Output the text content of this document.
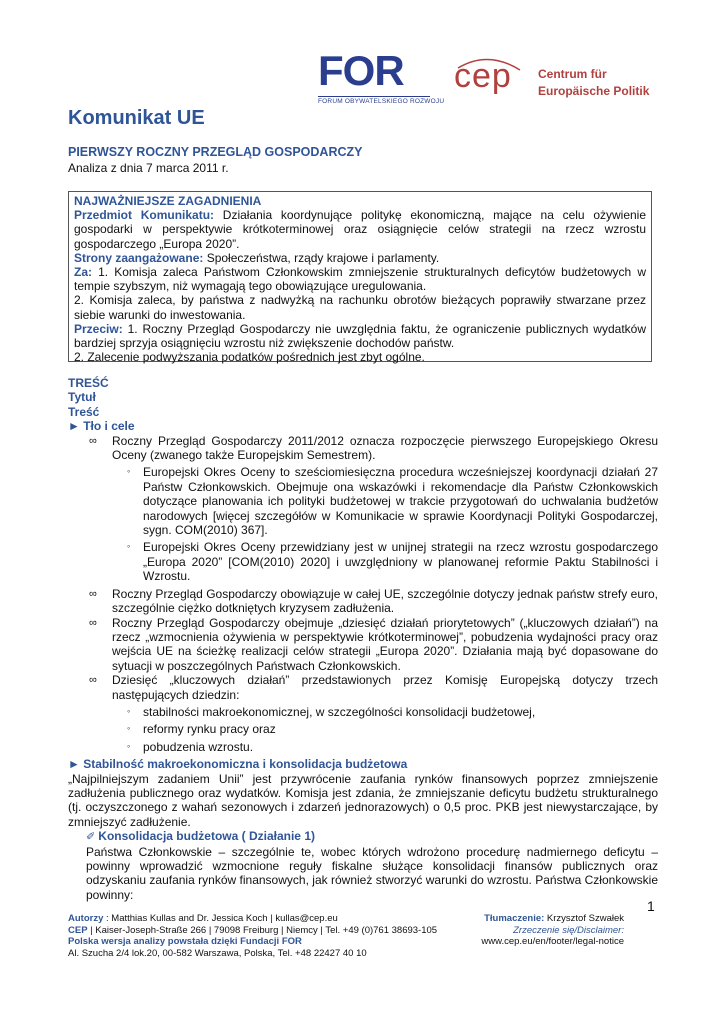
FOR
FORUM OBYWATELSKIEGO ROZWOJU
cep Centrum für
Europäische Politik
Komunikat UE
PIERWSZY ROCZNY PRZEGLĄD GOSPODARCZY
Analiza z dnia 7 marca 2011 r.

NAJWAŻNIEJSZE ZAGADNIENIA

Przedmiot Komunikatu: Działania koordynujące politykę ekonomiczną, mające na celu ożywienie gospodarki w perspektywie krótkoterminowej oraz osiągnięcie celów strategii na rzecz wzrostu gospodarczego „Europa 2020”.

Strony zaangażowane: Społeczeństwa, rządy krajowe i parlamenty.

Za: 1. Komisja zaleca Państwom Członkowskim zmniejszenie strukturalnych deficytów budżetowych w tempie szybszym, niż wymagają tego obowiązujące uregulowania.

2. Komisja zaleca, by państwa z nadwyżką na rachunku obrotów bieżących poprawiły stwarzane przez siebie warunki do inwestowania.

Przeciw: 1. Roczny Przegląd Gospodarczy nie uwzględnia faktu, że ograniczenie publicznych wydatków bardziej sprzyja osiągnięciu wzrostu niż zwiększenie dochodów państw.

2. Zalecenie podwyższania podatków pośrednich jest zbyt ogólne.

TREŚĆ

Tytuł

Treść

► Tło i cele

∞ Roczny Przegląd Gospodarczy 2011/2012 oznacza rozpoczęcie pierwszego Europejskiego Okresu Oceny (zwanego także Europejskim Semestrem).
◦ Europejski Okres Oceny to sześciomiesięczna procedura wcześniejszej koordynacji działań 27 Państw Członkowskich. Obejmuje ona wskazówki i rekomendacje dla Państw Członkowskich dotyczące planowania ich polityki budżetowej w trakcie przygotowań do uchwalania budżetów narodowych [więcej szczegółów w Komunikacie w sprawie Koordynacji Polityki Gospodarczej, sygn. COM(2010) 367].
◦ Europejski Okres Oceny przewidziany jest w unijnej strategii na rzecz wzrostu gospodarczego „Europa 2020” [COM(2010) 2020] i uwzględniony w planowanej reformie Paktu Stabilności i Wzrostu.
∞ Roczny Przegląd Gospodarczy obowiązuje w całej UE, szczególnie dotyczy jednak państw strefy euro, szczególnie ciężko dotkniętych kryzysem zadłużenia.
∞ Roczny Przegląd Gospodarczy obejmuje „dziesięć działań priorytetowych” („kluczowych działań”) na rzecz „wzmocnienia ożywienia w perspektywie krótkoterminowej”, pobudzenia wydajności pracy oraz wejścia UE na ścieżkę realizacji celów strategii „Europa 2020”. Działania mają być dopasowane do sytuacji w poszczególnych Państwach Członkowskich.
∞ Dziesięć „kluczowych działań” przedstawionych przez Komisję Europejską dotyczy trzech następujących dziedzin:
◦ stabilności makroekonomicznej, w szczególności konsolidacji budżetowej,
◦ reformy rynku pracy oraz
◦ pobudzenia wzrostu.

► Stabilność makroekonomiczna i konsolidacja budżetowa

„Najpilniejszym zadaniem Unii” jest przywrócenie zaufania rynków finansowych poprzez zmniejszenie zadłużenia publicznego oraz wydatków. Komisja jest zdania, że zmniejszanie deficytu budżetu strukturalnego (tj. oczyszczonego z wahań sezonowych i zdarzeń jednorazowych) o 0,5 proc. PKB jest niewystarczające, by zmniejszyć zadłużenie.

✐ Konsolidacja budżetowa ( Działanie 1)

Państwa Członkowskie – szczególnie te, wobec których wdrożono procedurę nadmiernego deficytu – powinny wprowadzić wzmocnione reguły fiskalne służące konsolidacji finansów publicznych oraz odzyskaniu zaufania rynków finansowych, jak również stworzyć warunki do wzrostu. Państwa Członkowskie powinny:

1
Autorzy : Matthias Kullas and Dr. Jessica Koch | kullas@cep.eu
CEP | Kaiser-Joseph-Straße 266 | 79098 Freiburg | Niemcy | Tel. +49 (0)761 38693-105
Polska wersja analizy powstała dzięki Fundacji FOR
Al. Szucha 2/4 lok.20, 00-582 Warszawa, Polska, Tel. +48 22427 40 10
Tłumaczenie: Krzysztof Szwałek
Zrzeczenie się/Disclaimer:
www.cep.eu/en/footer/legal-notice
